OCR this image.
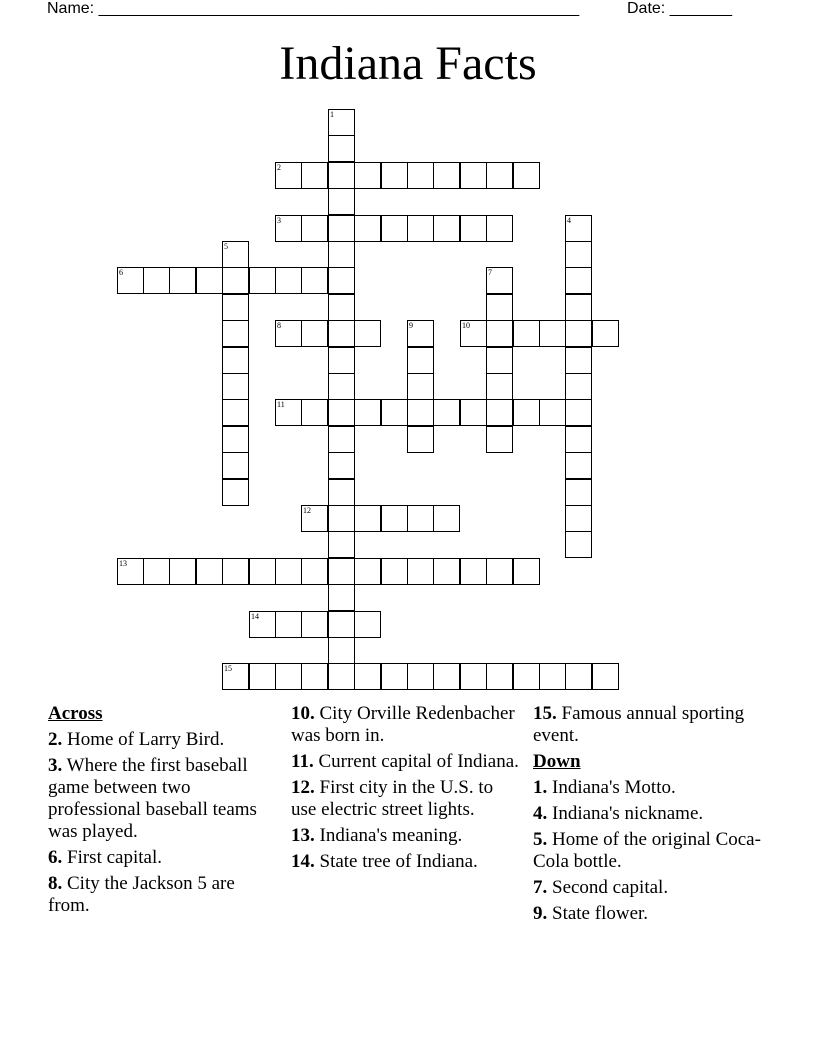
Name: ______________________________________________________	Date: _______
Indiana Facts
1
2
3	4
5
6	7
8	9	10
11
12
13
14
15
Across
2. Home of Larry Bird.
3. Where the first baseball game between two professional baseball teams was played.
6. First capital.
8. City the Jackson 5 are from.
10. City Orville Redenbacher was born in.
11. Current capital of Indiana.
12. First city in the U.S. to use electric street lights.
13. Indiana's meaning.
14. State tree of Indiana.
15. Famous annual sporting event.
Down
1. Indiana's Motto.
4. Indiana's nickname.
5. Home of the original Coca-Cola bottle.
7. Second capital.
9. State flower.
